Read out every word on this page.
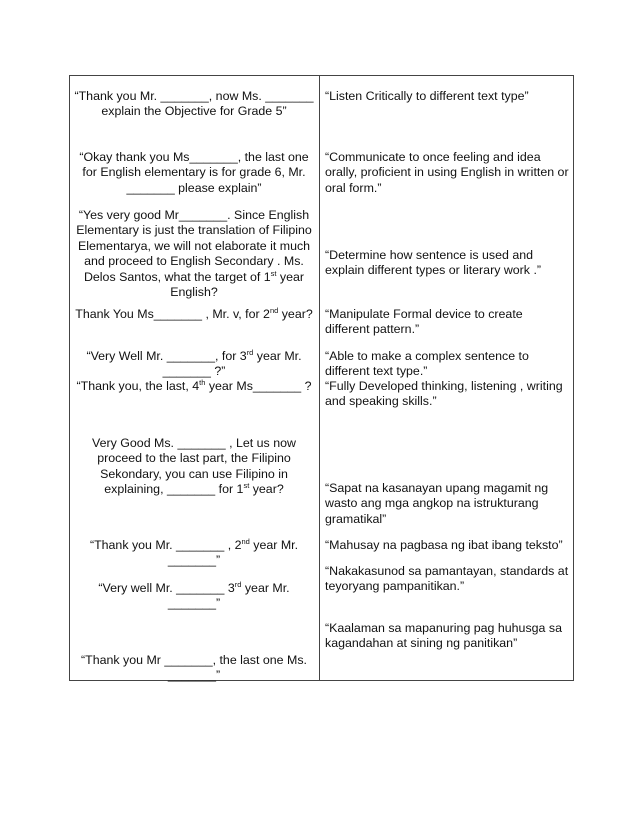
“Thank you Mr. _______, now Ms. _______ explain the Objective for Grade 5”
“Okay thank you Ms_______, the last one for English elementary is for grade 6, Mr. _______ please explain”
“Yes very good Mr_______. Since English Elementary is just the translation of Filipino Elementarya, we will not elaborate it much and proceed to English Secondary . Ms. Delos Santos, what the target of 1st year English?
Thank You Ms_______ , Mr. v, for 2nd year?
“Very Well Mr. _______, for 3rd year Mr. _______ ?”
“Thank you, the last, 4th year Ms_______ ?
Very Good Ms. _______ , Let us now proceed to the last part, the Filipino Sekondary, you can use Filipino in explaining, _______ for 1st year?
“Thank you Mr. _______ , 2nd year Mr. _______”
“Very well Mr. _______ 3rd year Mr. _______”
“Thank you Mr _______, the last one Ms. _______”
“Listen Critically to different text type”
“Communicate to once feeling and idea orally, proficient in using English in written or oral form.”
“Determine how sentence is used and explain different types or literary work .”
“Manipulate Formal device to create different pattern.”
“Able to make a complex sentence to different text type.”
“Fully Developed thinking, listening , writing and speaking skills.”
“Sapat na kasanayan upang magamit ng wasto ang mga angkop na istrukturang gramatikal”
“Mahusay na pagbasa ng ibat ibang teksto”
“Nakakasunod sa pamantayan, standards at teyoryang pampanitikan.”
“Kaalaman sa mapanuring pag huhusga sa kagandahan at sining ng panitikan”
